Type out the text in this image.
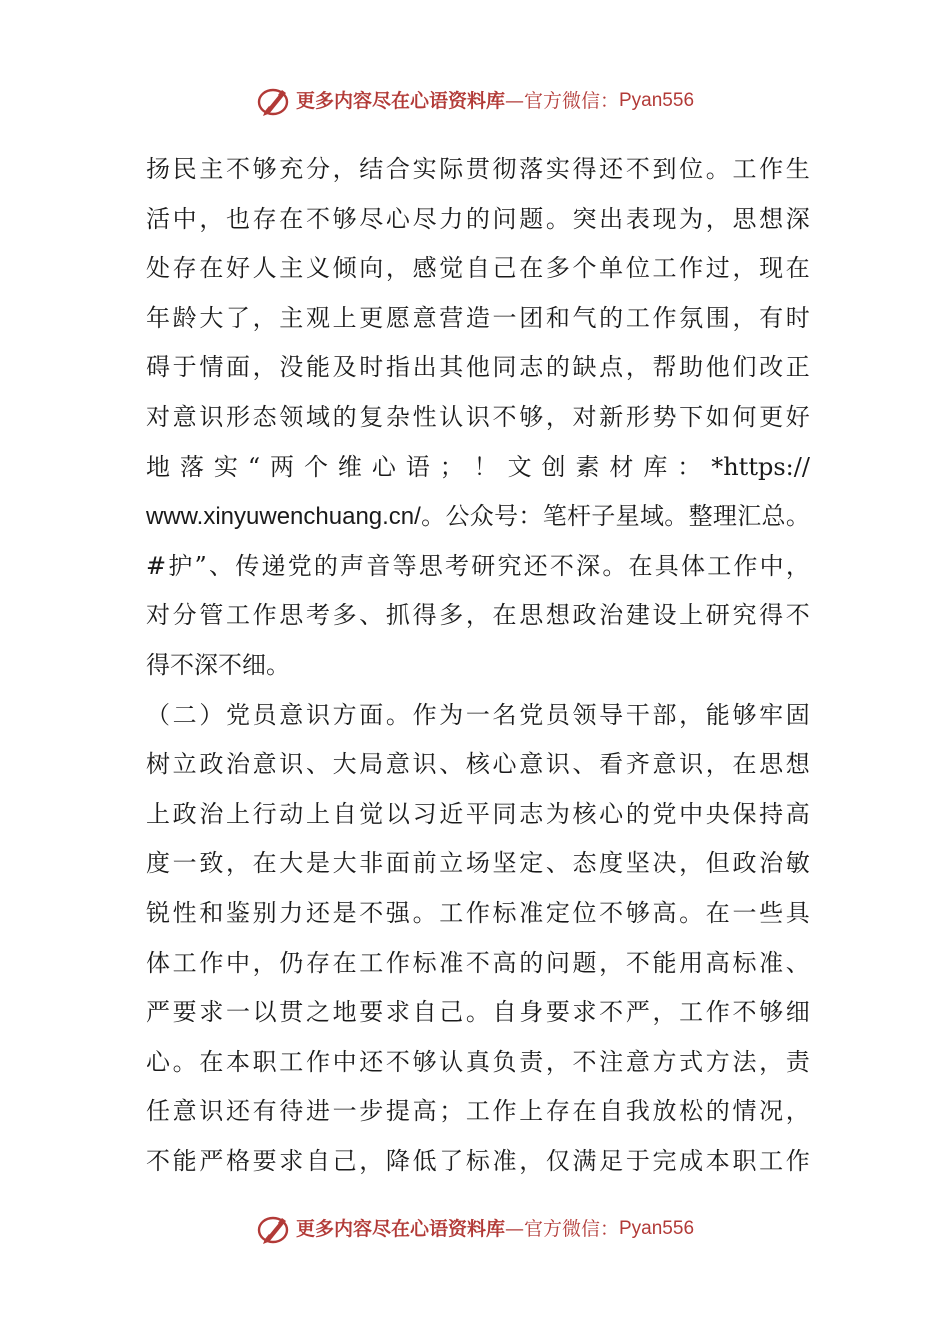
更多内容尽在心语资料库 — 官方微信： Pyan556
扬 民 主 不 够 充 分 ， 结 合 实 际 贯 彻 落 实 得 还 不 到 位 。 工 作 生
活 中 ， 也 存 在 不 够 尽 心 尽 力 的 问 题 。 突 出 表 现 为 ， 思 想 深
处 存 在 好 人 主 义 倾 向 ， 感 觉 自 己 在 多 个 单 位 工 作 过 ， 现 在
年 龄 大 了 ， 主 观 上 更 愿 意 营 造 一 团 和 气 的 工 作 氛 围 ， 有 时
碍 于 情 面 ， 没 能 及 时 指 出 其 他 同 志 的 缺 点 ， 帮 助 他 们 改 正
对 意 识 形 态 领 域 的 复 杂 性 认 识 不 够 ， 对 新 形 势 下 如 何 更 好
地 落 实 “ 两 个 维 心 语 ； ！ 文 创 素 材 库 ： *https://
www.xinyuwenchuang.cn/ 。 公 众 号 ： 笔 杆 子 星 域 。 整 理 汇 总 。
# 护 ” 、 传 递 党 的 声 音 等 思 考 研 究 还 不 深 。 在 具 体 工 作 中 ，
对 分 管 工 作 思 考 多 、 抓 得 多 ， 在 思 想 政 治 建 设 上 研 究 得 不
得不深不细。
（ 二 ） 党 员 意 识 方 面 。 作 为 一 名 党 员 领 导 干 部 ， 能 够 牢 固
树 立 政 治 意 识 、 大 局 意 识 、 核 心 意 识 、 看 齐 意 识 ， 在 思 想
上 政 治 上 行 动 上 自 觉 以 习 近 平 同 志 为 核 心 的 党 中 央 保 持 高
度 一 致 ， 在 大 是 大 非 面 前 立 场 坚 定 、 态 度 坚 决 ， 但 政 治 敏
锐 性 和 鉴 别 力 还 是 不 强 。 工 作 标 准 定 位 不 够 高 。 在 一 些 具
体 工 作 中 ， 仍 存 在 工 作 标 准 不 高 的 问 题 ， 不 能 用 高 标 准 、
严 要 求 一 以 贯 之 地 要 求 自 己 。 自 身 要 求 不 严 ， 工 作 不 够 细
心 。 在 本 职 工 作 中 还 不 够 认 真 负 责 ， 不 注 意 方 式 方 法 ， 责
任 意 识 还 有 待 进 一 步 提 高 ； 工 作 上 存 在 自 我 放 松 的 情 况 ，
不 能 严 格 要 求 自 己 ， 降 低 了 标 准 ， 仅 满 足 于 完 成 本 职 工 作
更多内容尽在心语资料库 — 官方微信： Pyan556
